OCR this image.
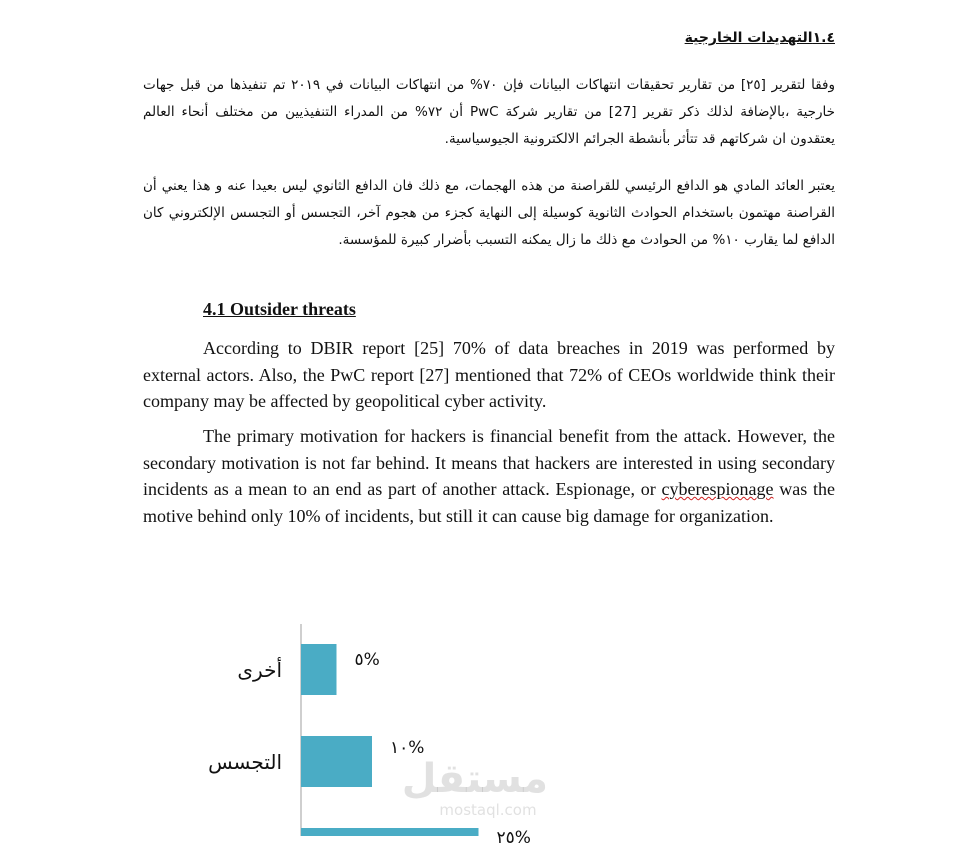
١.٤التهديدات الخارجية
وفقا لتقرير [٢٥] من تقارير تحقيقات انتهاكات البيانات فإن ٧٠% من انتهاكات البيانات في ٢٠١٩ تم تنفيذها من قبل جهات خارجية ،بالإضافة لذلك ذكر تقرير [27] من تقارير شركة PwC أن ٧٢% من المدراء التنفيذيين من مختلف أنحاء العالم يعتقدون ان شركاتهم قد تتأثر بأنشطة الجرائم الالكترونية الجيوسياسية.
يعتبر العائد المادي هو الدافع الرئيسي للقراصنة من هذه الهجمات، مع ذلك فان الدافع الثانوي ليس بعيدا عنه و هذا يعني أن القراصنة مهتمون باستخدام الحوادث الثانوية كوسيلة إلى النهاية كجزء من هجوم آخر، التجسس أو التجسس الإلكتروني كان الدافع لما يقارب ١٠% من الحوادث مع ذلك ما زال يمكنه التسبب بأضرار كبيرة للمؤسسة.
4.1 Outsider threats
According to DBIR report [25] 70% of data breaches in 2019 was performed by external actors. Also, the PwC report [27] mentioned that 72% of CEOs worldwide think their company may be affected by geopolitical cyber activity.
The primary motivation for hackers is financial benefit from the attack. However, the secondary motivation is not far behind. It means that hackers are interested in using secondary incidents as a mean to an end as part of another attack. Espionage, or cyberespionage was the motive behind only 10% of incidents, but still it can cause big damage for organization.
%٥
أخرى
%١٠
التجسس
%٢٥
مستقل
mostaql.com
